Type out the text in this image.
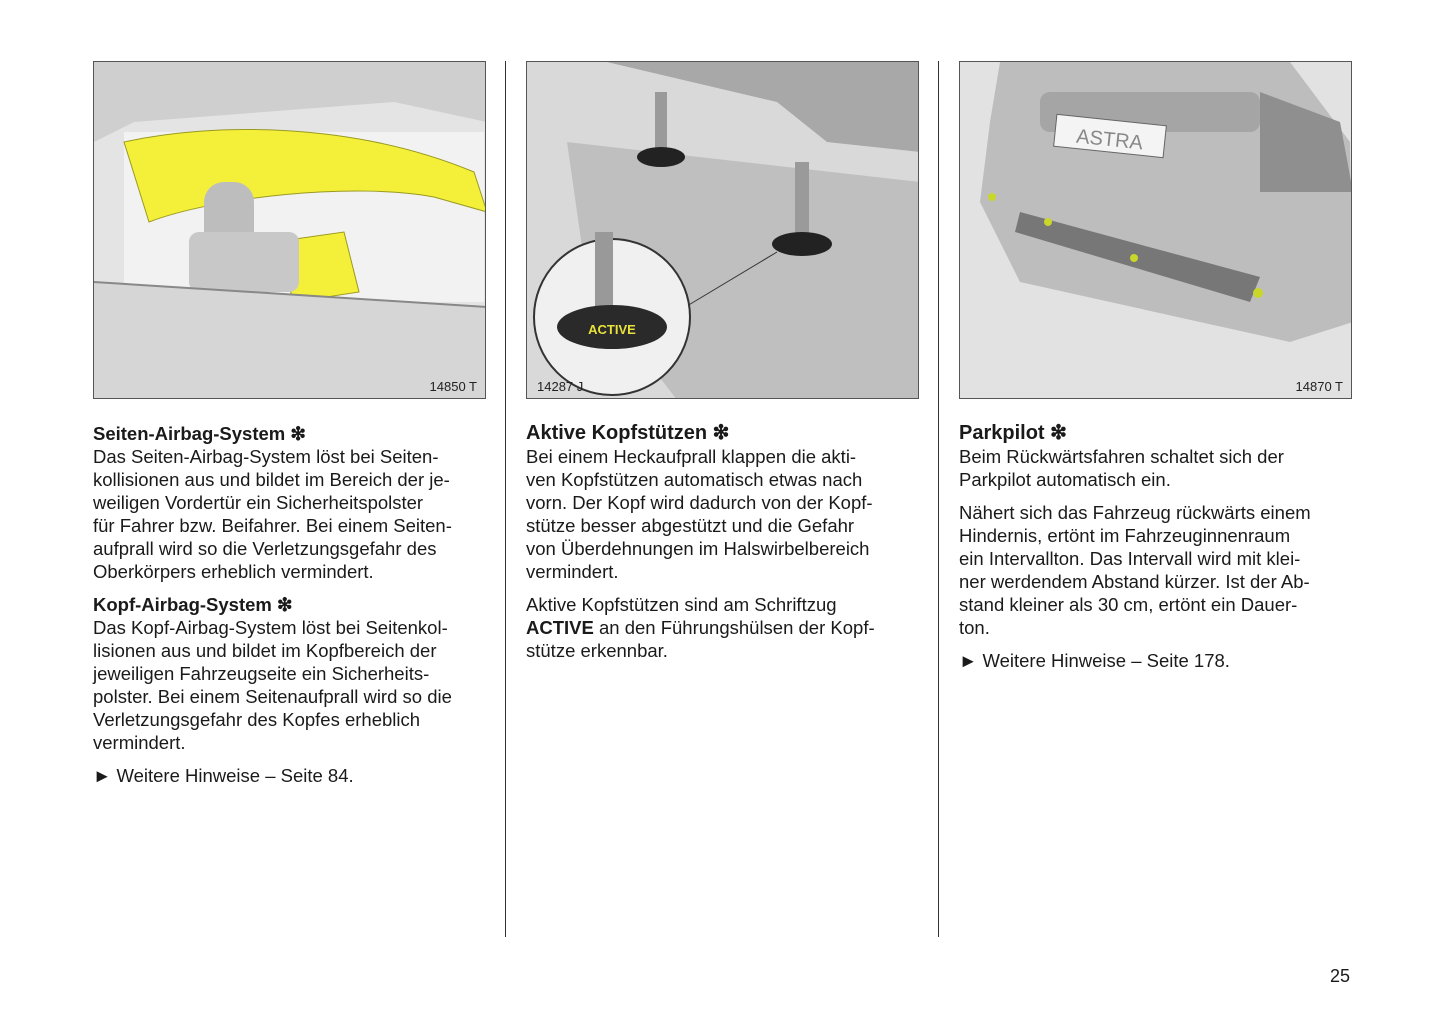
14850 T
Seiten-Airbag-System ❇
Das Seiten-Airbag-System löst bei Seiten-
kollisionen aus und bildet im Bereich der je-
weiligen Vordertür ein Sicherheitspolster
für Fahrer bzw. Beifahrer. Bei einem Seiten-
aufprall wird so die Verletzungsgefahr des
Oberkörpers erheblich vermindert.
Kopf-Airbag-System ❇
Das Kopf-Airbag-System löst bei Seitenkol-
lisionen aus und bildet im Kopfbereich der
jeweiligen Fahrzeugseite ein Sicherheits-
polster. Bei einem Seitenaufprall wird so die
Verletzungsgefahr des Kopfes erheblich
vermindert.
► Weitere Hinweise – Seite 84.
ACTIVE
14287 J
Aktive Kopfstützen ❇
Bei einem Heckaufprall klappen die akti-
ven Kopfstützen automatisch etwas nach
vorn. Der Kopf wird dadurch von der Kopf-
stütze besser abgestützt und die Gefahr
von Überdehnungen im Halswirbelbereich
vermindert.
Aktive Kopfstützen sind am Schriftzug
ACTIVE an den Führungshülsen der Kopf-
stütze erkennbar.
ASTRA
14870 T
Parkpilot ❇
Beim Rückwärtsfahren schaltet sich der
Parkpilot automatisch ein.
Nähert sich das Fahrzeug rückwärts einem
Hindernis, ertönt im Fahrzeuginnenraum
ein Intervallton. Das Intervall wird mit klei-
ner werdendem Abstand kürzer. Ist der Ab-
stand kleiner als 30 cm, ertönt ein Dauer-
ton.
► Weitere Hinweise – Seite 178.
25
